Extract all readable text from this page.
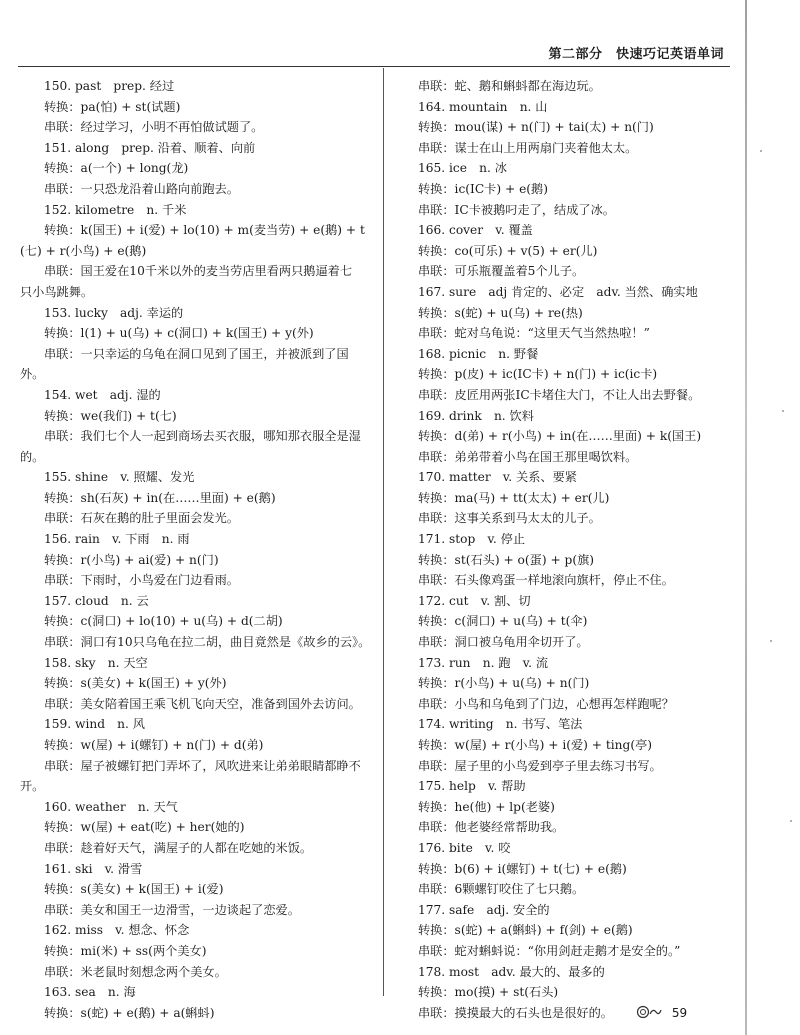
第二部分　快速巧记英语单词
150. past　prep. 经过
转换：pa(怕) + st(试题)
串联：经过学习，小明不再怕做试题了。
151. along　prep. 沿着、顺着、向前
转换：a(一个) + long(龙)
串联：一只恐龙沿着山路向前跑去。
152. kilometre　n. 千米
转换：k(国王) + i(爱) + lo(10) + m(麦当劳) + e(鹅) + t
(七) + r(小鸟) + e(鹅)
串联：国王爱在10千米以外的麦当劳店里看两只鹅逼着七
只小鸟跳舞。
153. lucky　adj. 幸运的
转换：l(1) + u(乌) + c(洞口) + k(国王) + y(外)
串联：一只幸运的乌龟在洞口见到了国王，并被派到了国
外。
154. wet　adj. 湿的
转换：we(我们) + t(七)
串联：我们七个人一起到商场去买衣服，哪知那衣服全是湿
的。
155. shine　v. 照耀、发光
转换：sh(石灰) + in(在……里面) + e(鹅)
串联：石灰在鹅的肚子里面会发光。
156. rain　v. 下雨　n. 雨
转换：r(小鸟) + ai(爱) + n(门)
串联：下雨时，小鸟爱在门边看雨。
157. cloud　n. 云
转换：c(洞口) + lo(10) + u(乌) + d(二胡)
串联：洞口有10只乌龟在拉二胡，曲目竟然是《故乡的云》。
158. sky　n. 天空
转换：s(美女) + k(国王) + y(外)
串联：美女陪着国王乘飞机飞向天空，准备到国外去访问。
159. wind　n. 风
转换：w(屋) + i(螺钉) + n(门) + d(弟)
串联：屋子被螺钉把门弄坏了，风吹进来让弟弟眼睛都睁不
开。
160. weather　n. 天气
转换：w(屋) + eat(吃) + her(她的)
串联：趁着好天气，满屋子的人都在吃她的米饭。
161. ski　v. 滑雪
转换：s(美女) + k(国王) + i(爱)
串联：美女和国王一边滑雪，一边谈起了恋爱。
162. miss　v. 想念、怀念
转换：mi(米) + ss(两个美女)
串联：米老鼠时刻想念两个美女。
163. sea　n. 海
转换：s(蛇) + e(鹅) + a(蝌蚪)
串联：蛇、鹅和蝌蚪都在海边玩。
164. mountain　n. 山
转换：mou(谋) + n(门) + tai(太) + n(门)
串联：谋士在山上用两扇门夹着他太太。
165. ice　n. 冰
转换：ic(IC卡) + e(鹅)
串联：IC卡被鹅叼走了，结成了冰。
166. cover　v. 覆盖
转换：co(可乐) + v(5) + er(儿)
串联：可乐瓶覆盖着5个儿子。
167. sure　adj 肯定的、必定　adv. 当然、确实地
转换：s(蛇) + u(乌) + re(热)
串联：蛇对乌龟说：“这里天气当然热啦！”
168. picnic　n. 野餐
转换：p(皮) + ic(IC卡) + n(门) + ic(ic卡)
串联：皮匠用两张IC卡堵住大门，不让人出去野餐。
169. drink　n. 饮料
转换：d(弟) + r(小鸟) + in(在……里面) + k(国王)
串联：弟弟带着小鸟在国王那里喝饮料。
170. matter　v. 关系、要紧
转换：ma(马) + tt(太太) + er(儿)
串联：这事关系到马太太的儿子。
171. stop　v. 停止
转换：st(石头) + o(蛋) + p(旗)
串联：石头像鸡蛋一样地滚向旗杆，停止不住。
172. cut　v. 割、切
转换：c(洞口) + u(乌) + t(伞)
串联：洞口被乌龟用伞切开了。
173. run　n. 跑　v. 流
转换：r(小鸟) + u(乌) + n(门)
串联：小鸟和乌龟到了门边，心想再怎样跑呢？
174. writing　n. 书写、笔法
转换：w(屋) + r(小鸟) + i(爱) + ting(亭)
串联：屋子里的小鸟爱到亭子里去练习书写。
175. help　v. 帮助
转换：he(他) + lp(老婆)
串联：他老婆经常帮助我。
176. bite　v. 咬
转换：b(6) + i(螺钉) + t(七) + e(鹅)
串联：6颗螺钉咬住了七只鹅。
177. safe　adj. 安全的
转换：s(蛇) + a(蝌蚪) + f(剑) + e(鹅)
串联：蛇对蝌蚪说：“你用剑赶走鹅才是安全的。”
178. most　adv. 最大的、最多的
转换：mo(摸) + st(石头)
串联：摸摸最大的石头也是很好的。	59
